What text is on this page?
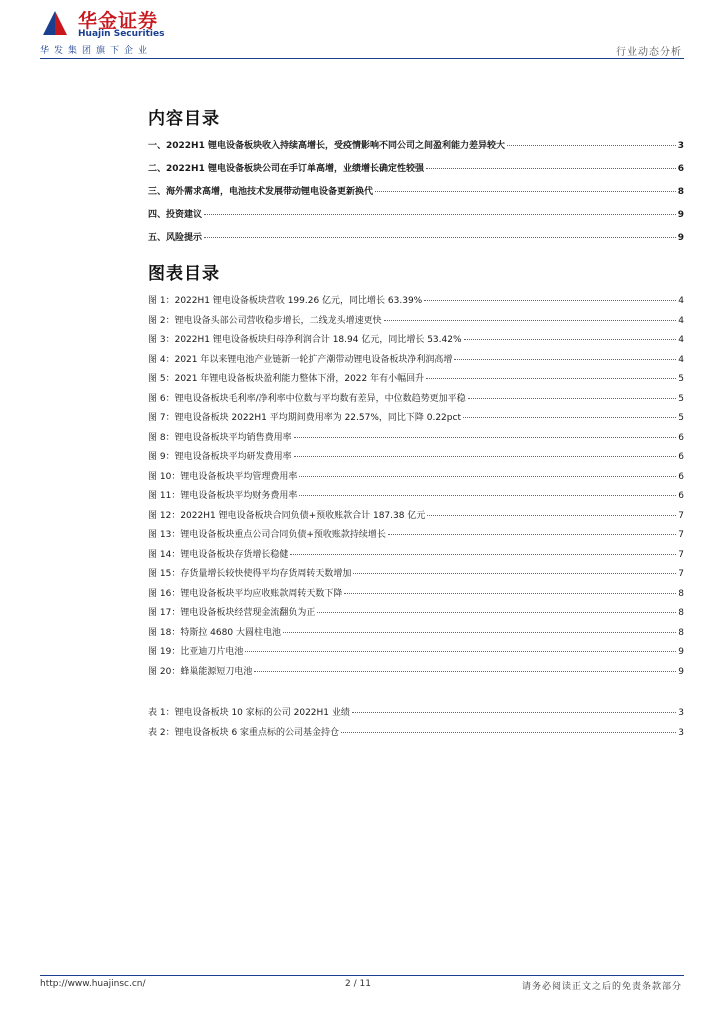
华金证券
Huajin Securities
华发集团旗下企业	行业动态分析
内容目录
一、2022H1 锂电设备板块收入持续高增长，受疫情影响不同公司之间盈利能力差异较大	3
二、2022H1 锂电设备板块公司在手订单高增，业绩增长确定性较强	6
三、海外需求高增，电池技术发展带动锂电设备更新换代	8
四、投资建议	9
五、风险提示	9
图表目录
图 1：2022H1 锂电设备板块营收 199.26 亿元，同比增长 63.39%	4
图 2：锂电设备头部公司营收稳步增长，二线龙头增速更快	4
图 3：2022H1 锂电设备板块归母净利润合计 18.94 亿元，同比增长 53.42%	4
图 4：2021 年以来锂电池产业链新一轮扩产潮带动锂电设备板块净利润高增	4
图 5：2021 年锂电设备板块盈利能力整体下滑，2022 年有小幅回升	5
图 6：锂电设备板块毛利率/净利率中位数与平均数有差异，中位数趋势更加平稳	5
图 7：锂电设备板块 2022H1 平均期间费用率为 22.57%，同比下降 0.22pct	5
图 8：锂电设备板块平均销售费用率	6
图 9：锂电设备板块平均研发费用率	6
图 10：锂电设备板块平均管理费用率	6
图 11：锂电设备板块平均财务费用率	6
图 12：2022H1 锂电设备板块合同负债+预收账款合计 187.38 亿元	7
图 13：锂电设备板块重点公司合同负债+预收账款持续增长	7
图 14：锂电设备板块存货增长稳健	7
图 15：存货量增长较快使得平均存货周转天数增加	7
图 16：锂电设备板块平均应收账款周转天数下降	8
图 17：锂电设备板块经营现金流翻负为正	8
图 18：特斯拉 4680 大圆柱电池	8
图 19：比亚迪刀片电池	9
图 20：蜂巢能源短刀电池	9
表 1：锂电设备板块 10 家标的公司 2022H1 业绩	3
表 2：锂电设备板块 6 家重点标的公司基金持仓	3
http://www.huajinsc.cn/	2 / 11	请务必阅读正文之后的免责条款部分
